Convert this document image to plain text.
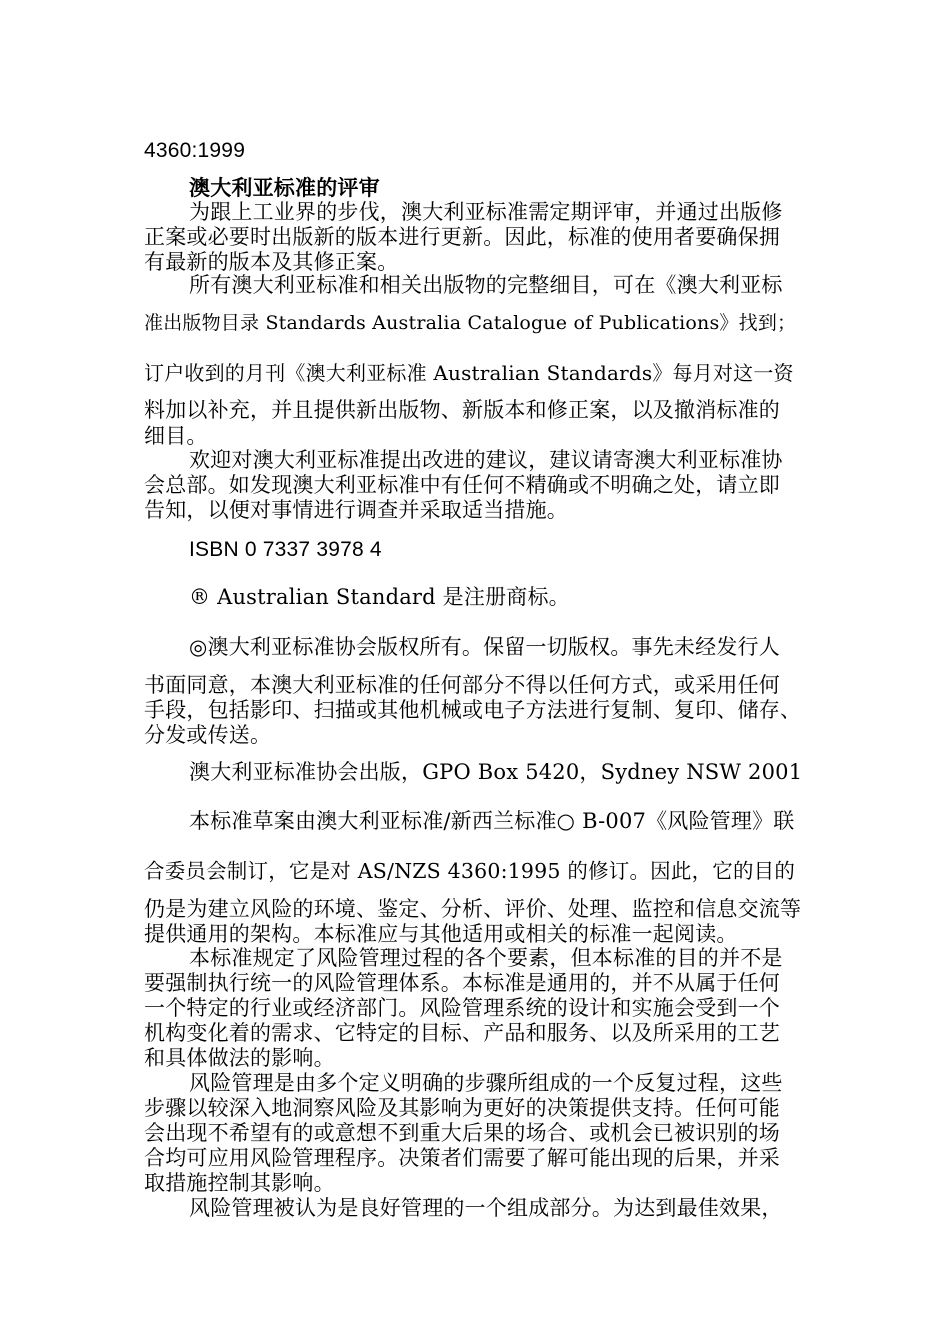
4360:1999
澳大利亚标准的评审
为跟上工业界的步伐，澳大利亚标准需定期评审，并通过出版修
正案或必要时出版新的版本进行更新。因此，标准的使用者要确保拥
有最新的版本及其修正案。
所有澳大利亚标准和相关出版物的完整细目，可在《澳大利亚标
准出版物目录 Standards Australia Catalogue of Publications》找到；
订户收到的月刊《澳大利亚标准 Australian Standards》每月对这一资
料加以补充，并且提供新出版物、新版本和修正案，以及撤消标准的
细目。
欢迎对澳大利亚标准提出改进的建议，建议请寄澳大利亚标准协
会总部。如发现澳大利亚标准中有任何不精确或不明确之处，请立即
告知，以便对事情进行调查并采取适当措施。
ISBN 0 7337 3978 4
® Australian Standard 是注册商标。
◎澳大利亚标准协会版权所有。保留一切版权。事先未经发行人
书面同意，本澳大利亚标准的任何部分不得以任何方式，或采用任何
手段，包括影印、扫描或其他机械或电子方法进行复制、复印、储存、
分发或传送。
澳大利亚标准协会出版，GPO Box 5420，Sydney NSW 2001
本标准草案由澳大利亚标准/新西兰标准○ B-007《风险管理》联
合委员会制订，它是对 AS/NZS 4360:1995 的修订。因此，它的目的
仍是为建立风险的环境、鉴定、分析、评价、处理、监控和信息交流等
提供通用的架构。本标准应与其他适用或相关的标准一起阅读。
本标准规定了风险管理过程的各个要素，但本标准的目的并不是
要强制执行统一的风险管理体系。本标准是通用的，并不从属于任何
一个特定的行业或经济部门。风险管理系统的设计和实施会受到一个
机构变化着的需求、它特定的目标、产品和服务、以及所采用的工艺
和具体做法的影响。
风险管理是由多个定义明确的步骤所组成的一个反复过程，这些
步骤以较深入地洞察风险及其影响为更好的决策提供支持。任何可能
会出现不希望有的或意想不到重大后果的场合、或机会已被识别的场
合均可应用风险管理程序。决策者们需要了解可能出现的后果，并采
取措施控制其影响。
风险管理被认为是良好管理的一个组成部分。为达到最佳效果，
